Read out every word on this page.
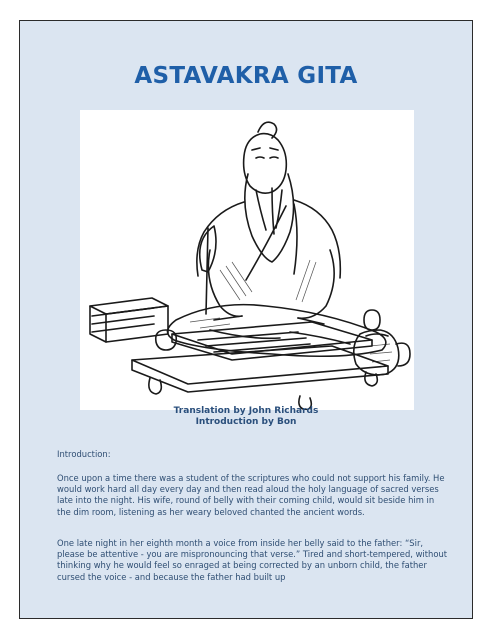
ASTAVAKRA GITA
Translation by John Richards
Introduction by Bon

Introduction:

Once upon a time there was a student of the scriptures who could not support his family. He would work hard all day every day and then read aloud the holy language of sacred verses late into the night. His wife, round of belly with their coming child, would sit beside him in the dim room, listening as her weary beloved chanted the ancient words.

One late night in her eighth month a voice from inside her belly said to the father: “Sir, please be attentive - you are mispronouncing that verse.” Tired and short-tempered, without thinking why he would feel so enraged at being corrected by an unborn child, the father cursed the voice - and because the father had built up
